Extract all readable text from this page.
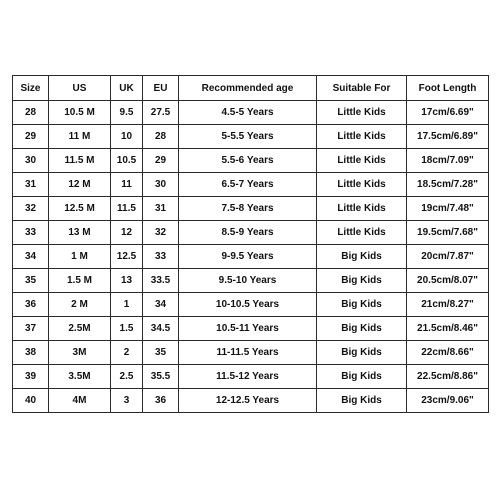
Size	US	UK	EU	Recommended age	Suitable For	Foot Length
28	10.5 M	9.5	27.5	4.5-5 Years	Little Kids	17cm/6.69"
29	11 M	10	28	5-5.5 Years	Little Kids	17.5cm/6.89"
30	11.5 M	10.5	29	5.5-6 Years	Little Kids	18cm/7.09"
31	12 M	11	30	6.5-7 Years	Little Kids	18.5cm/7.28"
32	12.5 M	11.5	31	7.5-8 Years	Little Kids	19cm/7.48"
33	13 M	12	32	8.5-9 Years	Little Kids	19.5cm/7.68"
34	1 M	12.5	33	9-9.5 Years	Big Kids	20cm/7.87"
35	1.5 M	13	33.5	9.5-10 Years	Big Kids	20.5cm/8.07"
36	2 M	1	34	10-10.5 Years	Big Kids	21cm/8.27"
37	2.5M	1.5	34.5	10.5-11 Years	Big Kids	21.5cm/8.46"
38	3M	2	35	11-11.5 Years	Big Kids	22cm/8.66"
39	3.5M	2.5	35.5	11.5-12 Years	Big Kids	22.5cm/8.86"
40	4M	3	36	12-12.5 Years	Big Kids	23cm/9.06"
